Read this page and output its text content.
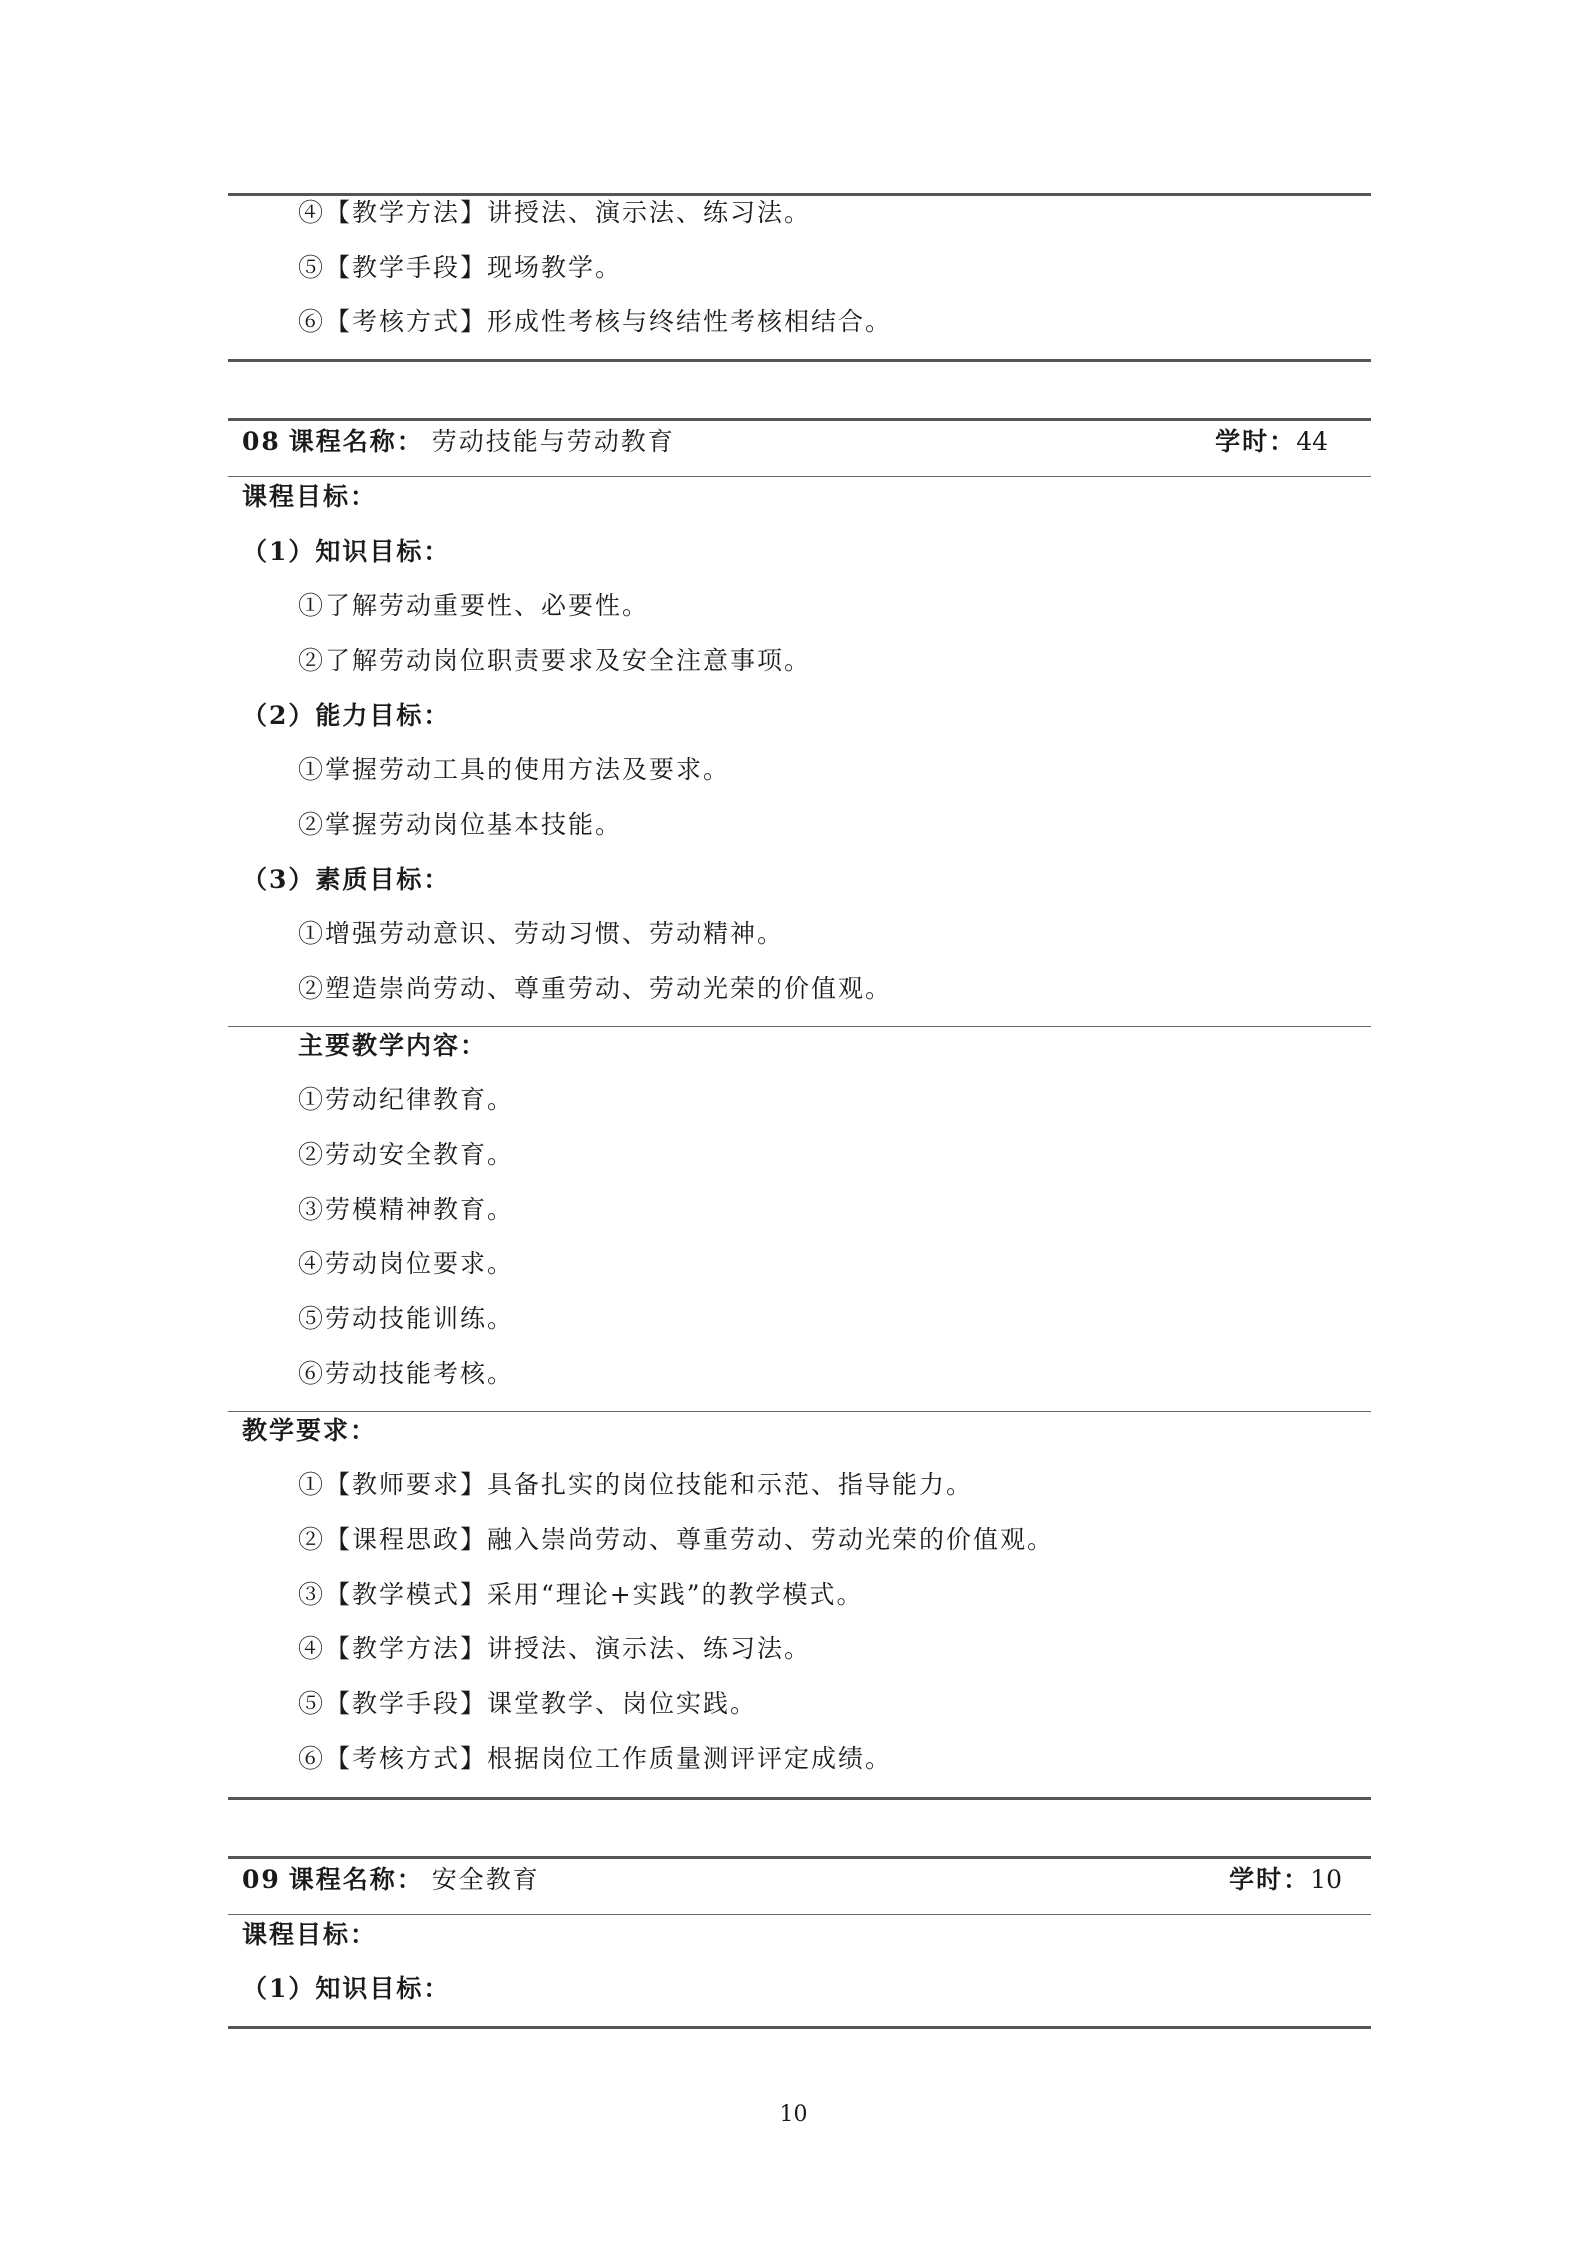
④【教学方法】讲授法、演示法、练习法。
⑤【教学手段】现场教学。
⑥【考核方式】形成性考核与终结性考核相结合。
08 课程名称： 劳动技能与劳动教育	学时：44
课程目标：
（1）知识目标：
①了解劳动重要性、必要性。
②了解劳动岗位职责要求及安全注意事项。
（2）能力目标：
①掌握劳动工具的使用方法及要求。
②掌握劳动岗位基本技能。
（3）素质目标：
①增强劳动意识、劳动习惯、劳动精神。
②塑造崇尚劳动、尊重劳动、劳动光荣的价值观。
主要教学内容：
①劳动纪律教育。
②劳动安全教育。
③劳模精神教育。
④劳动岗位要求。
⑤劳动技能训练。
⑥劳动技能考核。
教学要求：
①【教师要求】具备扎实的岗位技能和示范、指导能力。
②【课程思政】融入崇尚劳动、尊重劳动、劳动光荣的价值观。
③【教学模式】采用“理论+实践”的教学模式。
④【教学方法】讲授法、演示法、练习法。
⑤【教学手段】课堂教学、岗位实践。
⑥【考核方式】根据岗位工作质量测评评定成绩。
09 课程名称： 安全教育	学时：10
课程目标：
（1）知识目标：
10
